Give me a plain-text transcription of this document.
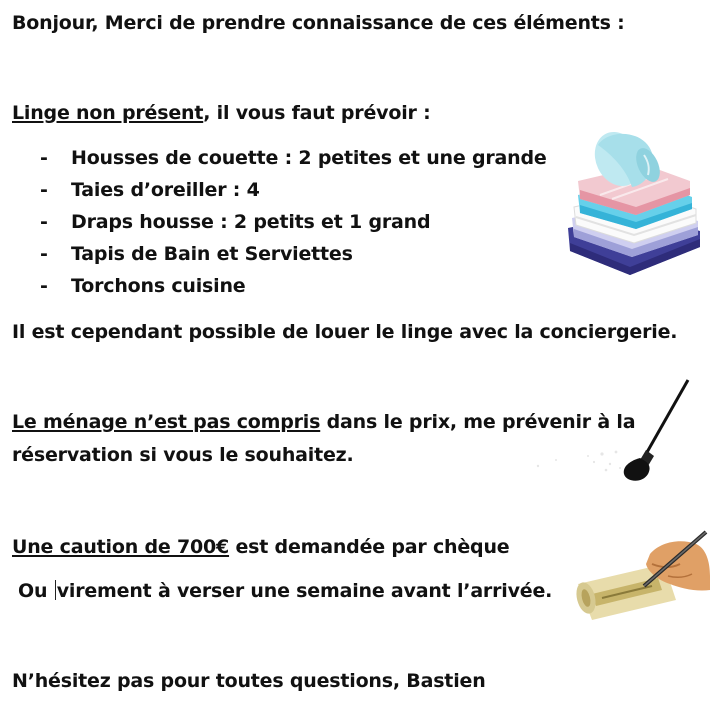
Bonjour, Merci de prendre connaissance de ces éléments :
Linge non présent, il vous faut prévoir :
- Housses de couette : 2 petites et une grande
- Taies d’oreiller : 4
- Draps housse : 2 petits et 1 grand
- Tapis de Bain et Serviettes
- Torchons cuisine
Il est cependant possible de louer le linge avec la conciergerie.
Le ménage n’est pas compris dans le prix, me prévenir à la
réservation si vous le souhaitez.
Une caution de 700€ est demandée par chèque
Ou virement à verser une semaine avant l’arrivée.
N’hésitez pas pour toutes questions, Bastien
